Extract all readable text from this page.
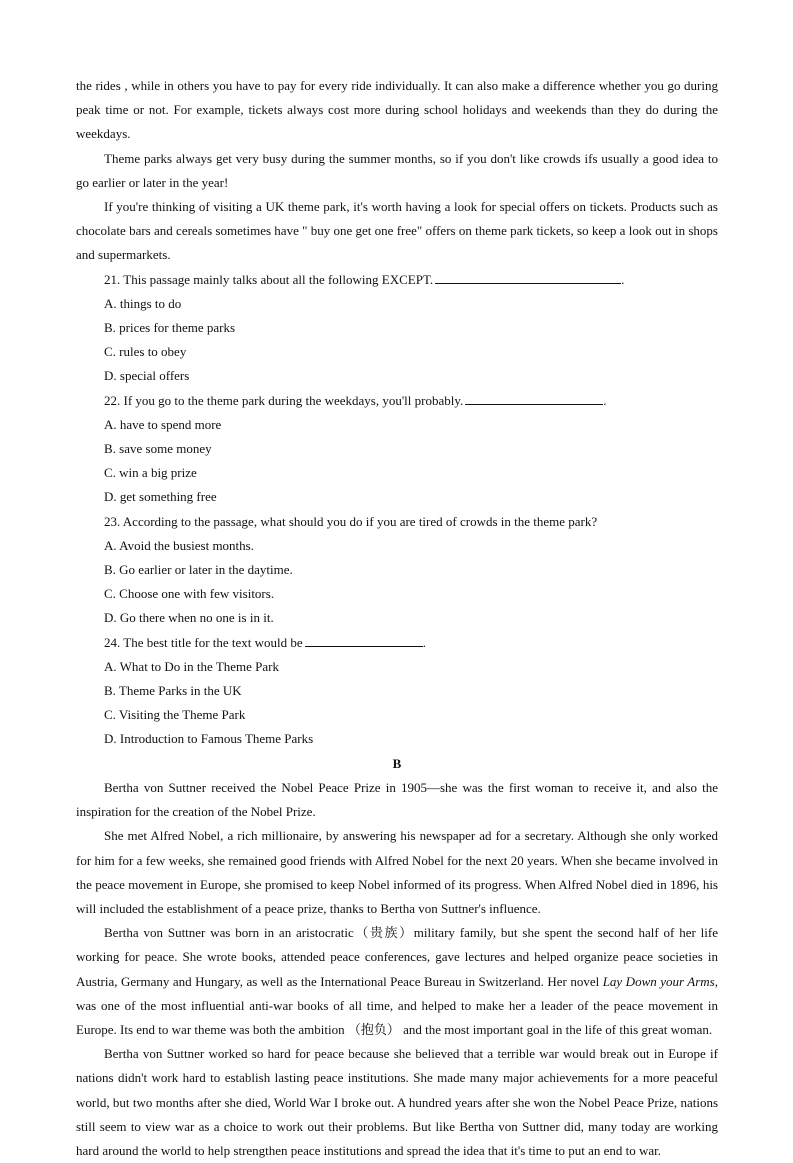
the rides , while in others you have to pay for every ride individually. It can also make a difference whether you go during peak time or not. For example, tickets always cost more during school holidays and weekends than they do during the weekdays.

Theme parks always get very busy during the summer months, so if you don't like crowds ifs usually a good idea to go earlier or later in the year!

If you're thinking of visiting a UK theme park, it's worth having a look for special offers on tickets. Products such as chocolate bars and cereals sometimes have " buy one get one free" offers on theme park tickets, so keep a look out in shops and supermarkets.

21. This passage mainly talks about all the following EXCEPT.	.

A. things to do
B. prices for theme parks
C. rules to obey
D. special offers

22. If you go to the theme park during the weekdays, you'll probably.	.

A. have to spend more
B. save some money
C. win a big prize
D. get something free

23. According to the passage, what should you do if you are tired of crowds in the theme park?

A. Avoid the busiest months.
B. Go earlier or later in the daytime.
C. Choose one with few visitors.
D. Go there when no one is in it.

24. The best title for the text would be	.

A. What to Do in the Theme Park
B. Theme Parks in the UK
C. Visiting the Theme Park
D. Introduction to Famous Theme Parks

B

Bertha von Suttner received the Nobel Peace Prize in 1905—she was the first woman to receive it, and also the inspiration for the creation of the Nobel Prize.

She met Alfred Nobel, a rich millionaire, by answering his newspaper ad for a secretary. Although she only worked for him for a few weeks, she remained good friends with Alfred Nobel for the next 20 years. When she became involved in the peace movement in Europe, she promised to keep Nobel informed of its progress. When Alfred Nobel died in 1896, his will included the establishment of a peace prize, thanks to Bertha von Suttner's influence.

Bertha von Suttner was born in an aristocratic（贵族）military family, but she spent the second half of her life working for peace. She wrote books, attended peace conferences, gave lectures and helped organize peace societies in Austria, Germany and Hungary, as well as the International Peace Bureau in Switzerland. Her novel Lay Down your Arms, was one of the most influential anti-war books of all time, and helped to make her a leader of the peace movement in Europe. Its end to war theme was both the ambition （抱负） and the most important goal in the life of this great woman.

Bertha von Suttner worked so hard for peace because she believed that a terrible war would break out in Europe if nations didn't work hard to establish lasting peace institutions. She made many major achievements for a more peaceful world, but two months after she died, World War I broke out. A hundred years after she won the Nobel Peace Prize, nations still seem to view war as a choice to work out their problems. But like Bertha von Suttner did, many today are working hard around the world to help strengthen peace institutions and spread the idea that it's time to put an end to war.
